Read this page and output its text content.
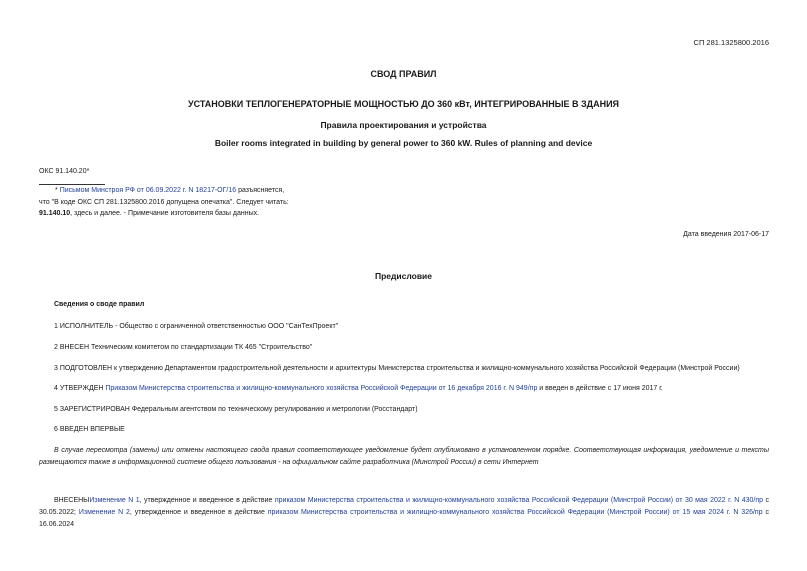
СП 281.1325800.2016
СВОД ПРАВИЛ
УСТАНОВКИ ТЕПЛОГЕНЕРАТОРНЫЕ МОЩНОСТЬЮ ДО 360 кВт, ИНТЕГРИРОВАННЫЕ В ЗДАНИЯ
Правила проектирования и устройства
Boiler rooms integrated in building by general power to 360 kW. Rules of planning and device
ОКС 91.140.20*
* Письмом Минстроя РФ от 06.09.2022 г. N 18217-ОГ/16 разъясняется,
что "В коде ОКС СП 281.1325800.2016 допущена опечатка". Следует читать:
91.140.10, здесь и далее. - Примечание изготовителя базы данных.
Дата введения 2017-06-17
Предисловие
Сведения о своде правил
1 ИСПОЛНИТЕЛЬ - Общество с ограниченной ответственностью ООО "СанТехПроект"
2 ВНЕСЕН Техническим комитетом по стандартизации ТК 465 "Строительство"
3 ПОДГОТОВЛЕН к утверждению Департаментом градостроительной деятельности и архитектуры Министерства строительства и жилищно-коммунального хозяйства Российской Федерации (Минстрой России)
4 УТВЕРЖДЕН Приказом Министерства строительства и жилищно-коммунального хозяйства Российской Федерации от 16 декабря 2016 г. N 949/пр и введен в действие с 17 июня 2017 г.
5 ЗАРЕГИСТРИРОВАН Федеральным агентством по техническому регулированию и метрологии (Росстандарт)
6 ВВЕДЕН ВПЕРВЫЕ
В случае пересмотра (замены) или отмены настоящего свода правил соответствующее уведомление будет опубликовано в установленном порядке. Соответствующая информация, уведомление и тексты размещаются также в информационной системе общего пользования - на официальном сайте разработчика (Минстрой России) в сети Интернет
ВНЕСЕНЫИзменение N 1, утвержденное и введенное в действие приказом Министерства строительства и жилищно-коммунального хозяйства Российской Федерации (Минстрой России) от 30 мая 2022 г. N 430/пр с 30.05.2022; Изменение N 2, утвержденное и введенное в действие приказом Министерства строительства и жилищно-коммунального хозяйства Российской Федерации (Минстрой России) от 15 мая 2024 г. N 326/пр с 16.06.2024
